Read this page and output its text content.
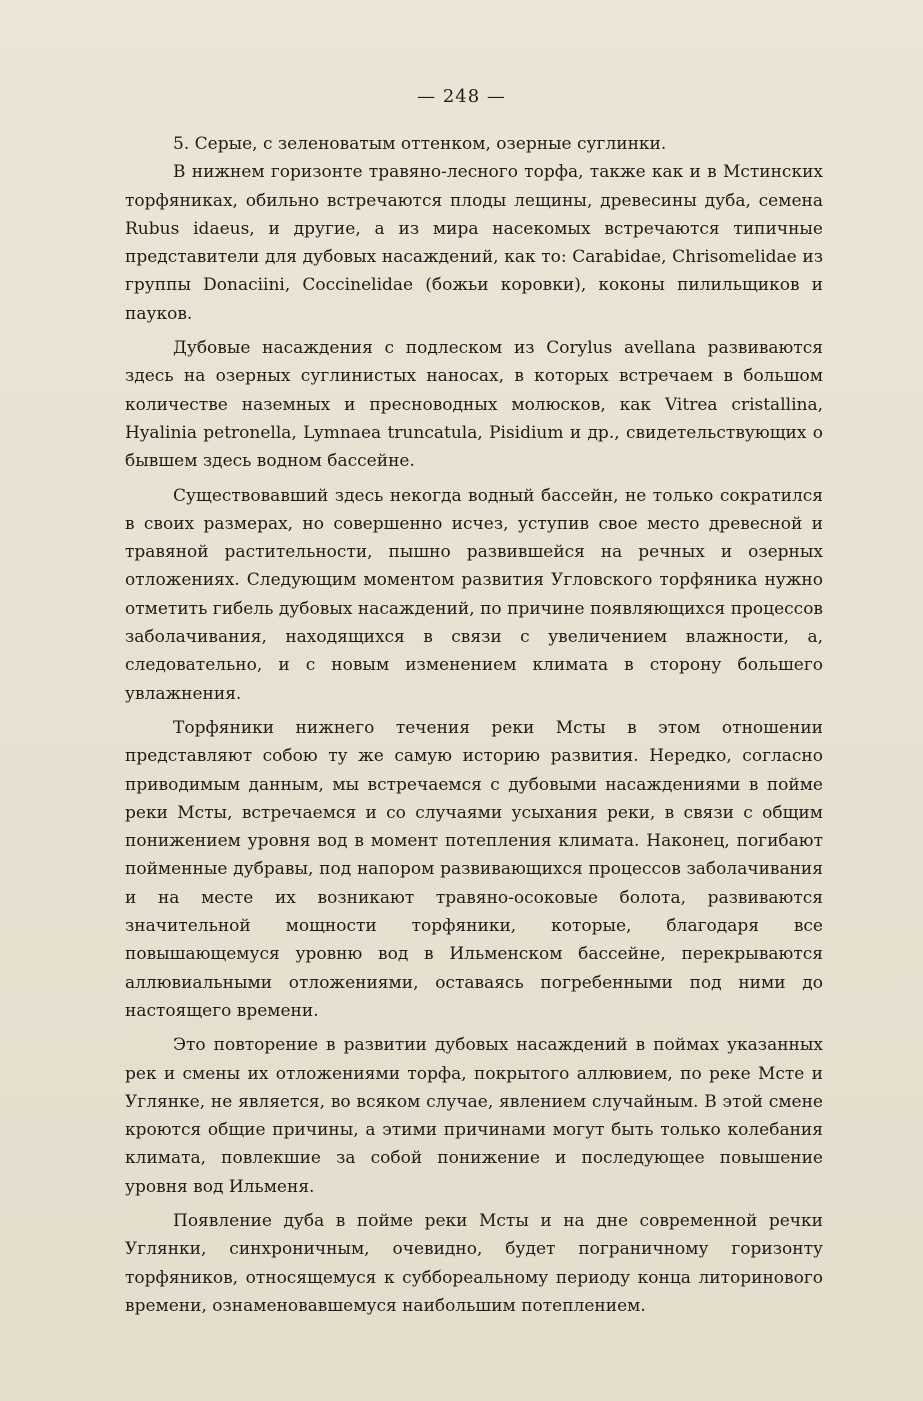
— 248 —

5. Серые, с зеленоватым оттенком, озерные суглинки.

В нижнем горизонте травяно-лесного торфа, также как и в Мстинских торфяниках, обильно встречаются плоды лещины, древесины дуба, семена Rubus idaeus, и другие, а из мира насекомых встречаются типичные представители для дубовых насаждений, как то: Carabidae, Chrisomelidae из группы Donaciini, Coccinelidae (божьи коровки), коконы пилильщиков и пауков.

Дубовые насаждения с подлеском из Corylus avellana развиваются здесь на озерных суглинистых наносах, в которых встречаем в большом количестве наземных и пресноводных молюсков, как Vitrea cristallina, Hyalinia petronella, Lymnaea truncatula, Pisidium и др., свидетельствующих о бывшем здесь водном бассейне.

Существовавший здесь некогда водный бассейн, не только сократился в своих размерах, но совершенно исчез, уступив свое место древесной и травяной растительности, пышно развившейся на речных и озерных отложениях. Следующим моментом развития Угловского торфяника нужно отметить гибель дубовых насаждений, по причине появляющихся процессов заболачивания, находящихся в связи с увеличением влажности, а, следовательно, и с новым изменением климата в сторону большего увлажнения.

Торфяники нижнего течения реки Мсты в этом отношении представляют собою ту же самую историю развития. Нередко, согласно приводимым данным, мы встречаемся с дубовыми насаждениями в пойме реки Мсты, встречаемся и со случаями усыхания реки, в связи с общим понижением уровня вод в момент потепления климата. Наконец, погибают пойменные дубравы, под напором развивающихся процессов заболачивания и на месте их возникают травяно-осоковые болота, развиваются значительной мощности торфяники, которые, благодаря все повышающемуся уровню вод в Ильменском бассейне, перекрываются аллювиальными отложениями, оставаясь погребенными под ними до настоящего времени.

Это повторение в развитии дубовых насаждений в поймах указанных рек и смены их отложениями торфа, покрытого аллювием, по реке Мсте и Углянке, не является, во всяком случае, явлением случайным. В этой смене кроются общие причины, а этими причинами могут быть только колебания климата, повлекшие за собой понижение и последующее повышение уровня вод Ильменя.

Появление дуба в пойме реки Мсты и на дне современной речки Углянки, синхроничным, очевидно, будет пограничному горизонту торфяников, относящемуся к суббореальному периоду конца литоринового времени, ознаменовавшемуся наибольшим потеплением.
